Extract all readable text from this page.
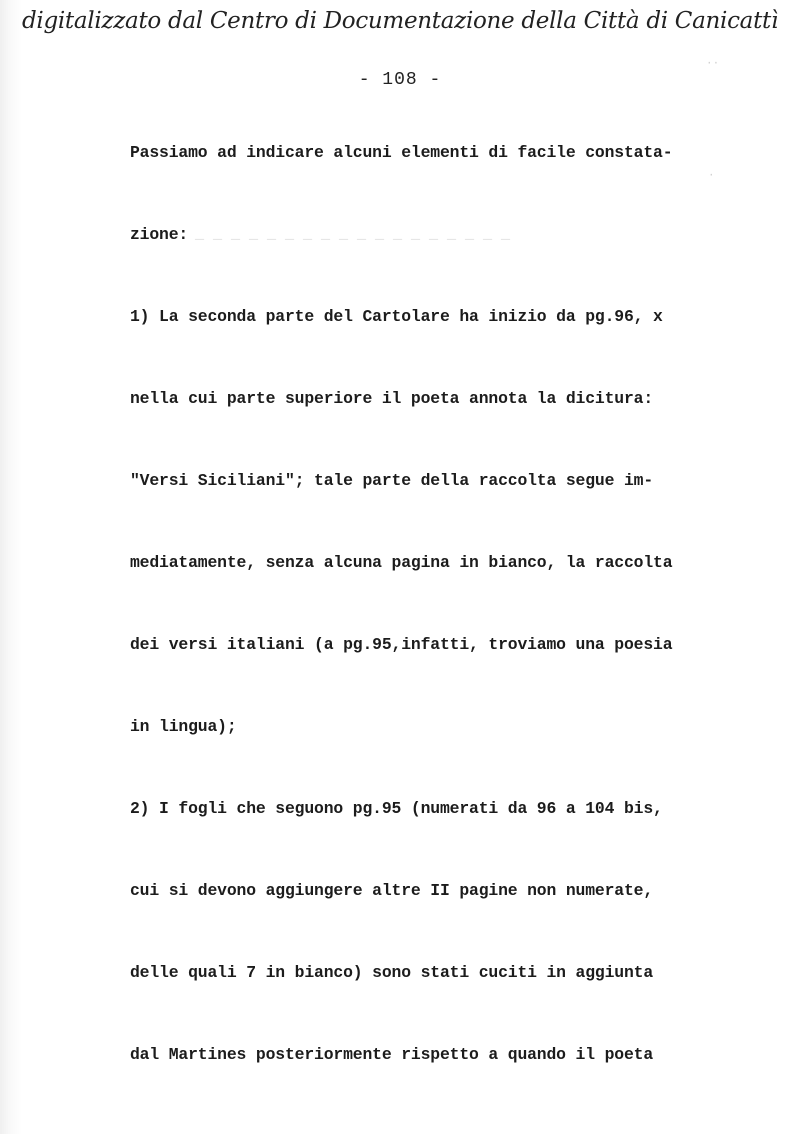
digitalizzato dal Centro di Documentazione della Città di Canicattì
- 108 -
─ ─ ─ ─ ─ ─ ─ ─ ─ ─ ─ ─ ─ ─ ─ ─ ─ ─
Passiamo ad indicare alcuni elementi di facile constata-
zione:
1) La seconda parte del Cartolare ha inizio da pg.96, x
nella cui parte superiore il poeta annota la dicitura:
"Versi Siciliani"; tale parte della raccolta segue im-
mediatamente, senza alcuna pagina in bianco, la raccolta
dei versi italiani (a pg.95,infatti, troviamo una poesia
in lingua);
2) I fogli che seguono pg.95 (numerati da 96 a 104 bis,
cui si devono aggiungere altre II pagine non numerate,
delle quali 7 in bianco) sono stati cuciti in aggiunta
dal Martines posteriormente rispetto a quando il poeta
··
·
